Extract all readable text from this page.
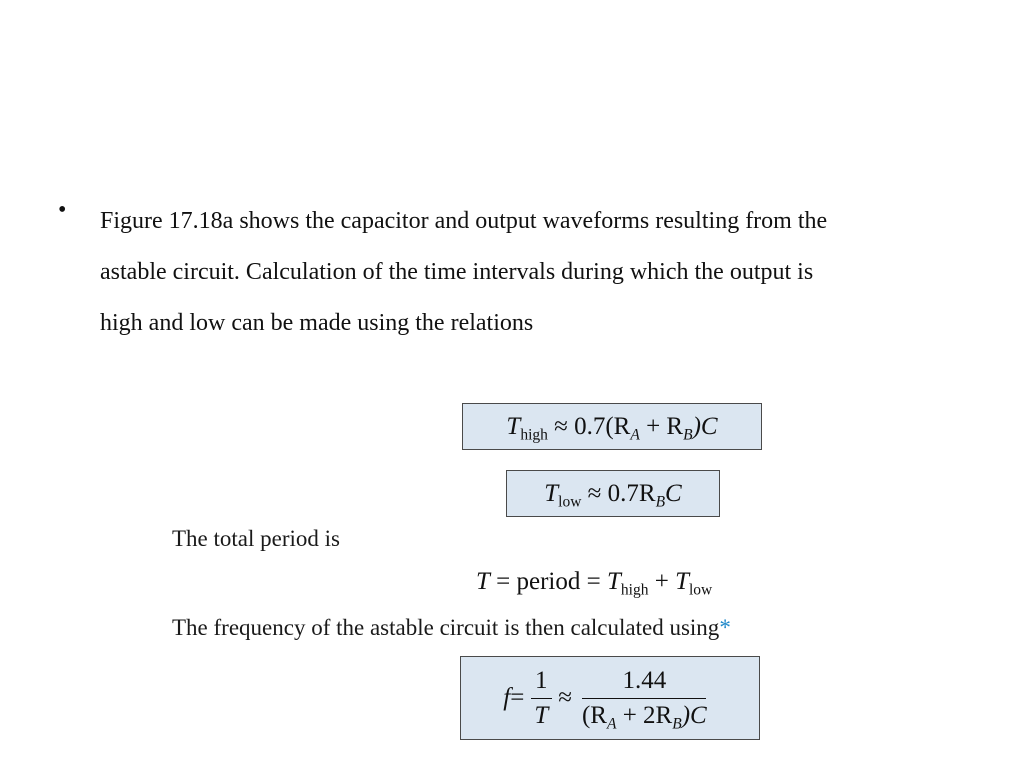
• Figure 17.18a shows the capacitor and output waveforms resulting from the
astable circuit. Calculation of the time intervals during which the output is
high and low can be made using the relations

$T_{high} \approx 0.7(R_A + R_B)C$
$T_{low} \approx 0.7R_BC$
The total period is
T = period = $T_{high} + T_{low}$
The frequency of the astable circuit is then calculated using*
$f = \frac{1}{T} \approx \frac{1.44}{(R_A + 2R_B)C}$
